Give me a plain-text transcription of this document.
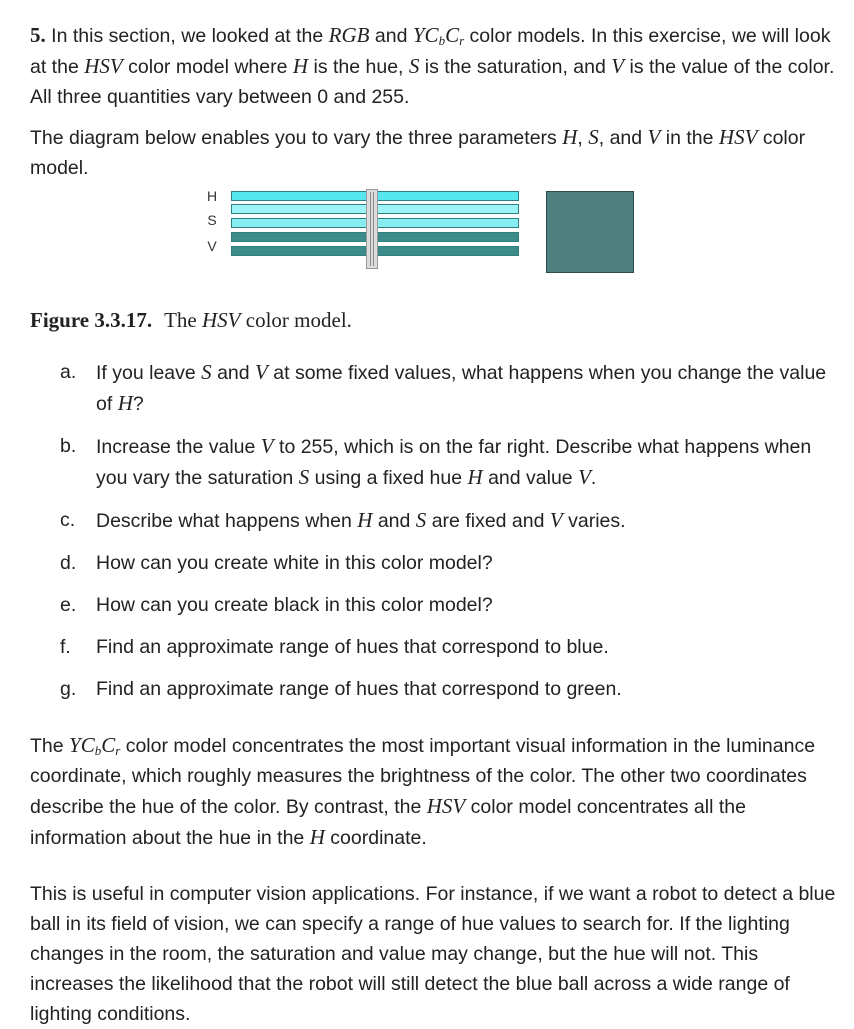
5. In this section, we looked at the RGB and $YC_bC_r$ color models. In this exercise, we will look at the HSV color model where H is the hue, S is the saturation, and V is the value of the color. All three quantities vary between 0 and 255.

The diagram below enables you to vary the three parameters H, S, and V in the HSV color model.

H
S
V

Figure 3.3.17. The HSV color model.

a. If you leave S and V at some fixed values, what happens when you change the value of H?
b. Increase the value V to 255, which is on the far right. Describe what happens when you vary the saturation S using a fixed hue H and value V.
c. Describe what happens when H and S are fixed and V varies.
d. How can you create white in this color model?
e. How can you create black in this color model?
f. Find an approximate range of hues that correspond to blue.
g. Find an approximate range of hues that correspond to green.

The $YC_bC_r$ color model concentrates the most important visual information in the luminance coordinate, which roughly measures the brightness of the color. The other two coordinates describe the hue of the color. By contrast, the HSV color model concentrates all the information about the hue in the H coordinate.

This is useful in computer vision applications. For instance, if we want a robot to detect a blue ball in its field of vision, we can specify a range of hue values to search for. If the lighting changes in the room, the saturation and value may change, but the hue will not. This increases the likelihood that the robot will still detect the blue ball across a wide range of lighting conditions.
